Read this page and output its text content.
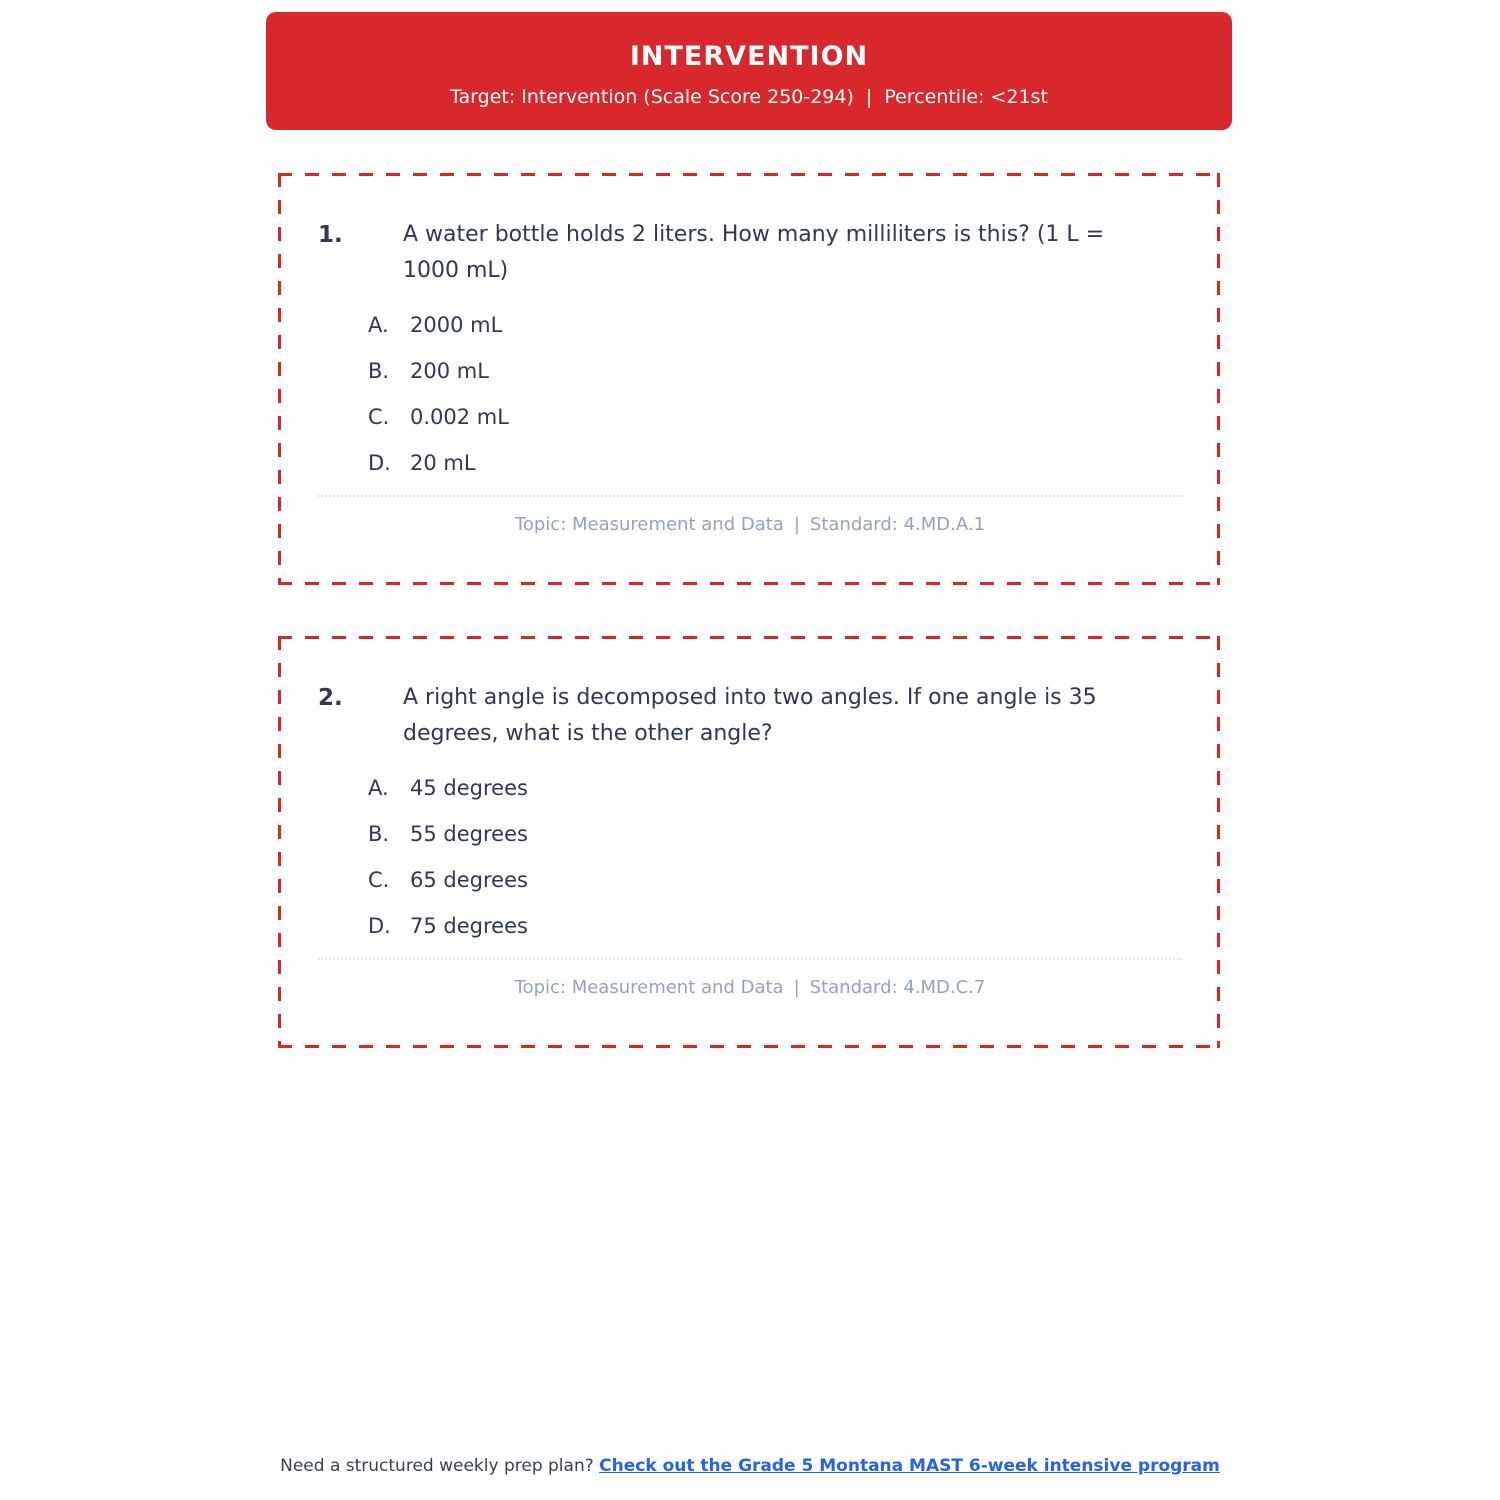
INTERVENTION
Target: Intervention (Scale Score 250-294) | Percentile: <21st
1.	A water bottle holds 2 liters. How many milliliters is this? (1 L = 1000 mL)
A.	2000 mL
B. 200 mL
C. 0.002 mL
D. 20 mL
Topic: Measurement and Data | Standard: 4.MD.A.1
2.	A right angle is decomposed into two angles. If one angle is 35 degrees, what is the other angle?
A.	45 degrees
B. 55 degrees
C. 65 degrees
D. 75 degrees
Topic: Measurement and Data | Standard: 4.MD.C.7
Need a structured weekly prep plan? Check out the Grade 5 Montana MAST 6-week intensive program
